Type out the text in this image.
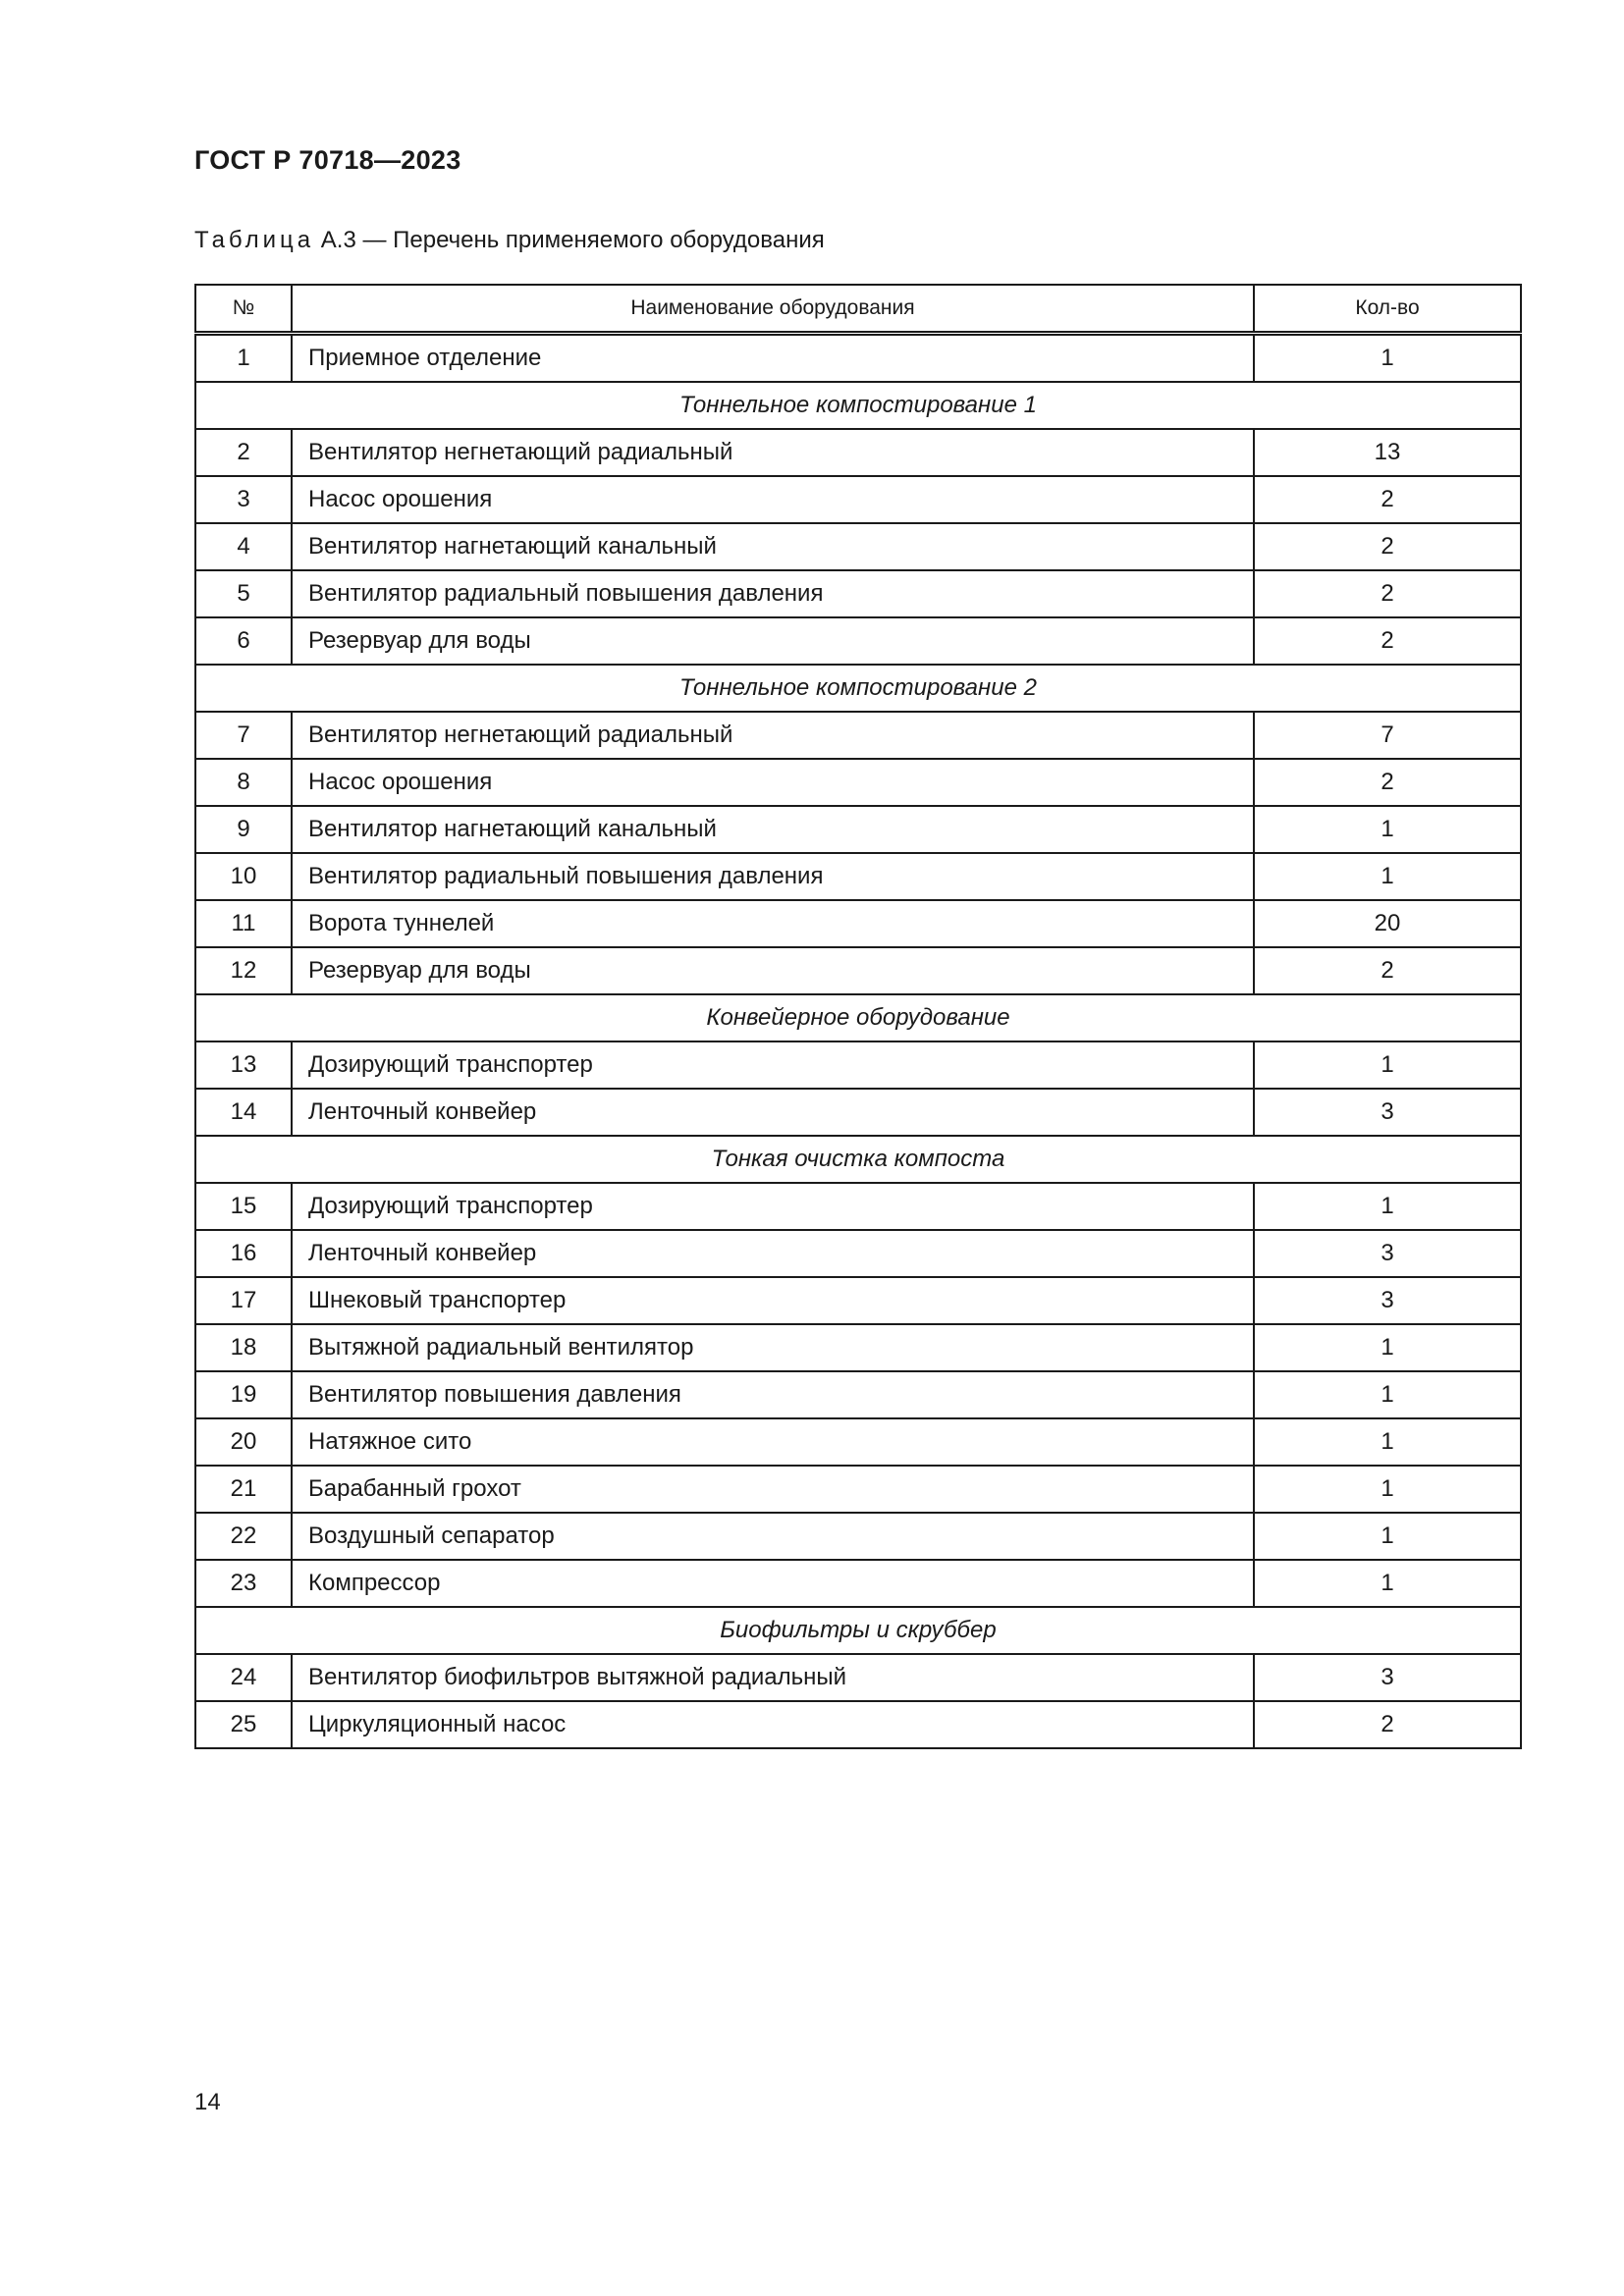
ГОСТ Р 70718—2023
Таблица А.3 — Перечень применяемого оборудования
№	Наименование оборудования	Кол-во
1	Приемное отделение	1
Тоннельное компостирование 1		
2	Вентилятор негнетающий радиальный	13
3	Насос орошения	2
4	Вентилятор нагнетающий канальный	2
5	Вентилятор радиальный повышения давления	2
6	Резервуар для воды	2
Тоннельное компостирование 2		
7	Вентилятор негнетающий радиальный	7
8	Насос орошения	2
9	Вентилятор нагнетающий канальный	1
10	Вентилятор радиальный повышения давления	1
11	Ворота туннелей	20
12	Резервуар для воды	2
Конвейерное оборудование		
13	Дозирующий транспортер	1
14	Ленточный конвейер	3
Тонкая очистка компоста		
15	Дозирующий транспортер	1
16	Ленточный конвейер	3
17	Шнековый транспортер	3
18	Вытяжной радиальный вентилятор	1
19	Вентилятор повышения давления	1
20	Натяжное сито	1
21	Барабанный грохот	1
22	Воздушный сепаратор	1
23	Компрессор	1
Биофильтры и скруббер		
24	Вентилятор биофильтров вытяжной радиальный	3
25	Циркуляционный насос	2
14
